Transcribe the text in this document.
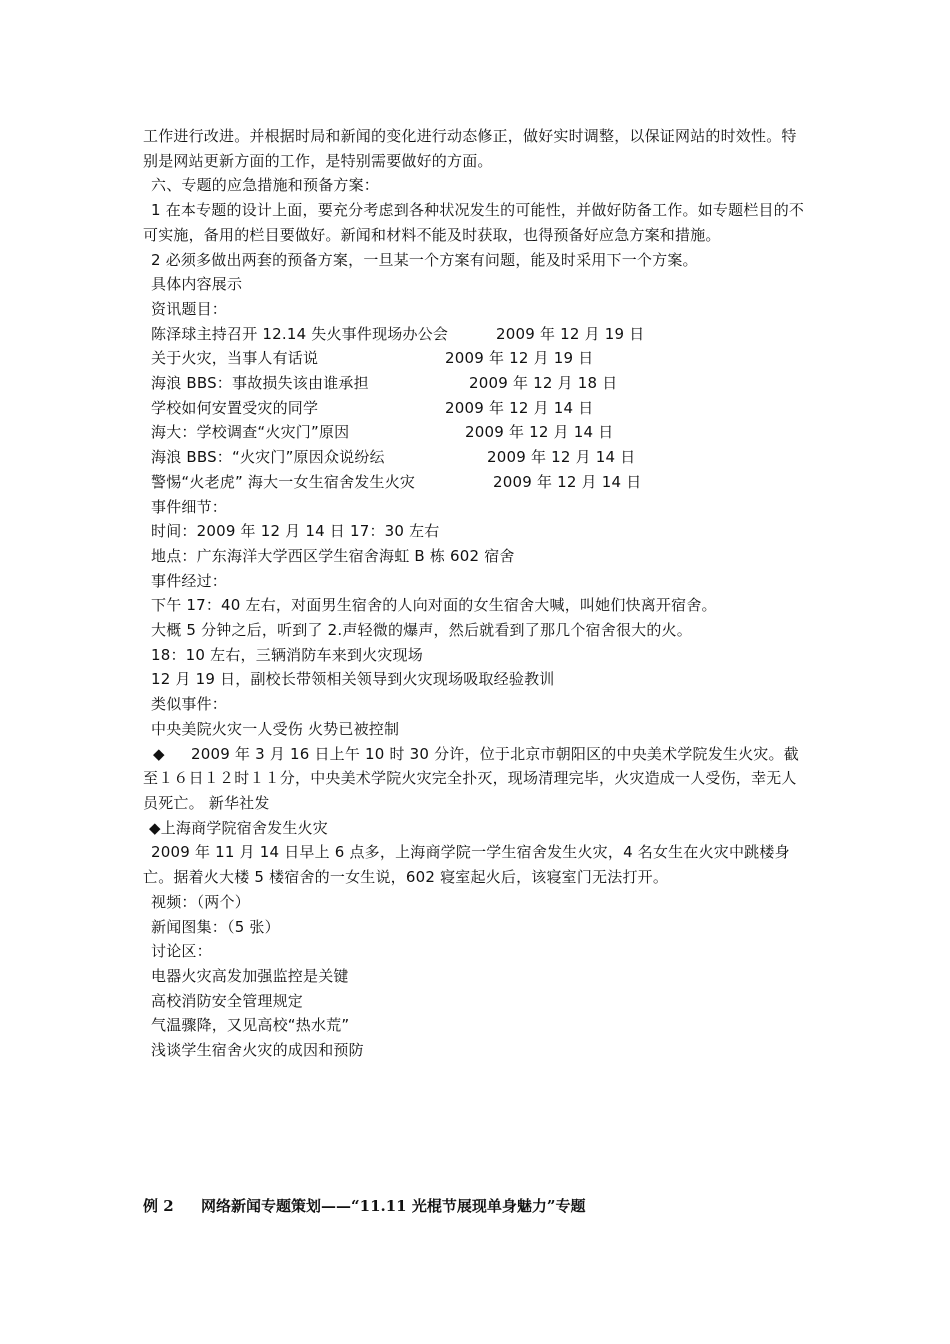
工作进行改进。并根据时局和新闻的变化进行动态修正，做好实时调整，以保证网站的时效性。特别是网站更新方面的工作，是特别需要做好的方面。
六、专题的应急措施和预备方案：
1 在本专题的设计上面，要充分考虑到各种状况发生的可能性，并做好防备工作。如专题栏目的不可实施，备用的栏目要做好。新闻和材料不能及时获取，也得预备好应急方案和措施。
2 必须多做出两套的预备方案，一旦某一个方案有问题，能及时采用下一个方案。
具体内容展示
资讯题目：
陈泽球主持召开 12.14 失火事件现场办公会	2009 年 12 月 19 日
关于火灾，当事人有话说	2009 年 12 月 19 日
海浪 BBS：事故损失该由谁承担	2009 年 12 月 18 日
学校如何安置受灾的同学	2009 年 12 月 14 日
海大：学校调查“火灾门”原因	2009 年 12 月 14 日
海浪 BBS：“火灾门”原因众说纷纭	2009 年 12 月 14 日
警惕“火老虎” 海大一女生宿舍发生火灾	2009 年 12 月 14 日
事件细节：
时间：2009 年 12 月 14 日 17：30 左右
地点：广东海洋大学西区学生宿舍海虹 B 栋 602 宿舍
事件经过：
下午 17：40 左右，对面男生宿舍的人向对面的女生宿舍大喊，叫她们快离开宿舍。
大概 5 分钟之后，听到了 2.声轻微的爆声，然后就看到了那几个宿舍很大的火。
18：10 左右，三辆消防车来到火灾现场
12 月 19 日，副校长带领相关领导到火灾现场吸取经验教训
类似事件：
中央美院火灾一人受伤 火势已被控制
◆ 2009 年 3 月 16 日上午 10 时 30 分许，位于北京市朝阳区的中央美术学院发生火灾。截至１６日１２时１１分，中央美术学院火灾完全扑灭，现场清理完毕，火灾造成一人受伤，幸无人员死亡。 新华社发
◆上海商学院宿舍发生火灾
2009 年 11 月 14 日早上 6 点多，上海商学院一学生宿舍发生火灾，4 名女生在火灾中跳楼身亡。据着火大楼 5 楼宿舍的一女生说，602 寝室起火后，该寝室门无法打开。
视频：（两个）
新闻图集：（5 张）
讨论区：
电器火灾高发加强监控是关键
高校消防安全管理规定
气温骤降，又见高校“热水荒”
浅谈学生宿舍火灾的成因和预防
例 2 网络新闻专题策划——“11.11 光棍节展现单身魅力”专题
